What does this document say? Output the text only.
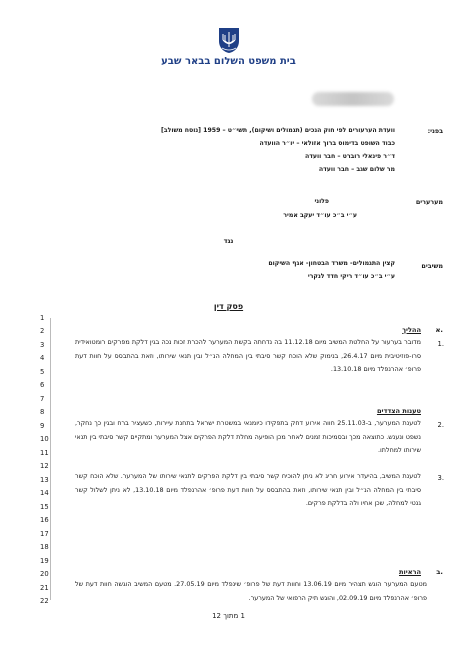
בית משפט השלום בבאר שבע
בפני:
וועדת הערעורים לפי חוק הנכים (תגמולים ושיקום), תשי״ט – 1959 [נוסח משולב]
כבוד השופט בדימוס ברוך אזולאי – יו״ר הוועדה
ד״ר פינאלי רוברט – חבר וועדה
מר שלום שגב – חבר וועדה
מערערים
פלוני
ע״י ב״כ עו״ד יעקב אמיר
נגד
משיבים
קצין התגמולים- משרד הבטחון- אגף השיקום
ע״י ב״כ עו״ד ריקי חדד לנקרי
פסק דין
1
2
3
4
5
6
7
8
9
10
11
12
13
14
15
16
17
18
19
20
21
22
א.
ההליך
1.
מדובר בערעור על החלטת המשיב מיום 11.12.18 בה נדחתה בקשת המערער להכרת זכות נכה בגין דלקת מפרקים רומטואידית סרו-פוזיטיבית מיום 26.4.17, בנימוק שלא הוכח קשר סיבתי בין המחלה הנ״ל ובין תנאי שירותו, וזאת בהתבסס על חוות דעת פרופ׳ אהרנפלד מיום 13.10.18.
טענות הצדדים
2.
לטענת המערער, ב-25.11.03 חווה אירוע דחק בתפקידו כיומנאי במשטרת ישראל בתחנת עיירות, כשעציר ברח ובגין כך נחקר, נשפט ונענש. כתוצאה מכך ובסמיכות זמנים לאחר מכן הופיעה מחלת דלקת הפרקים אצל המערער ומתקיים קשר סיבתי בין תנאי שירותו למחלתו.
3.
לטענת המשיב, בהיעדר אירוע חריג לא ניתן להוכיח קשר סיבתי בין דלקת הפרקים לתנאי שירותו של המערער. שלא הוכח קשר סיבתי בין המחלה הנ״ל ובין תנאי שירותו, וזאת בהתבסס על חוות דעת פרופ׳ אהרנפלד מיום 13.10.18, לא ניתן לשלול קשר גנטי למחלה, שכן אחיו ולה בדלקת פרקים.
ב.
הראיות
מטעם המערער הוגש תצהיר מיום 13.06.19 וחוות דעת של פרופ׳ שינפלד מיום 27.05.19. מטעם המשיב הוגשה חוות דעת של פרופ׳ אהרנפלד מיום 02.09.19, והוגש תיק הרפואי של המערער.
1 מתוך 12
